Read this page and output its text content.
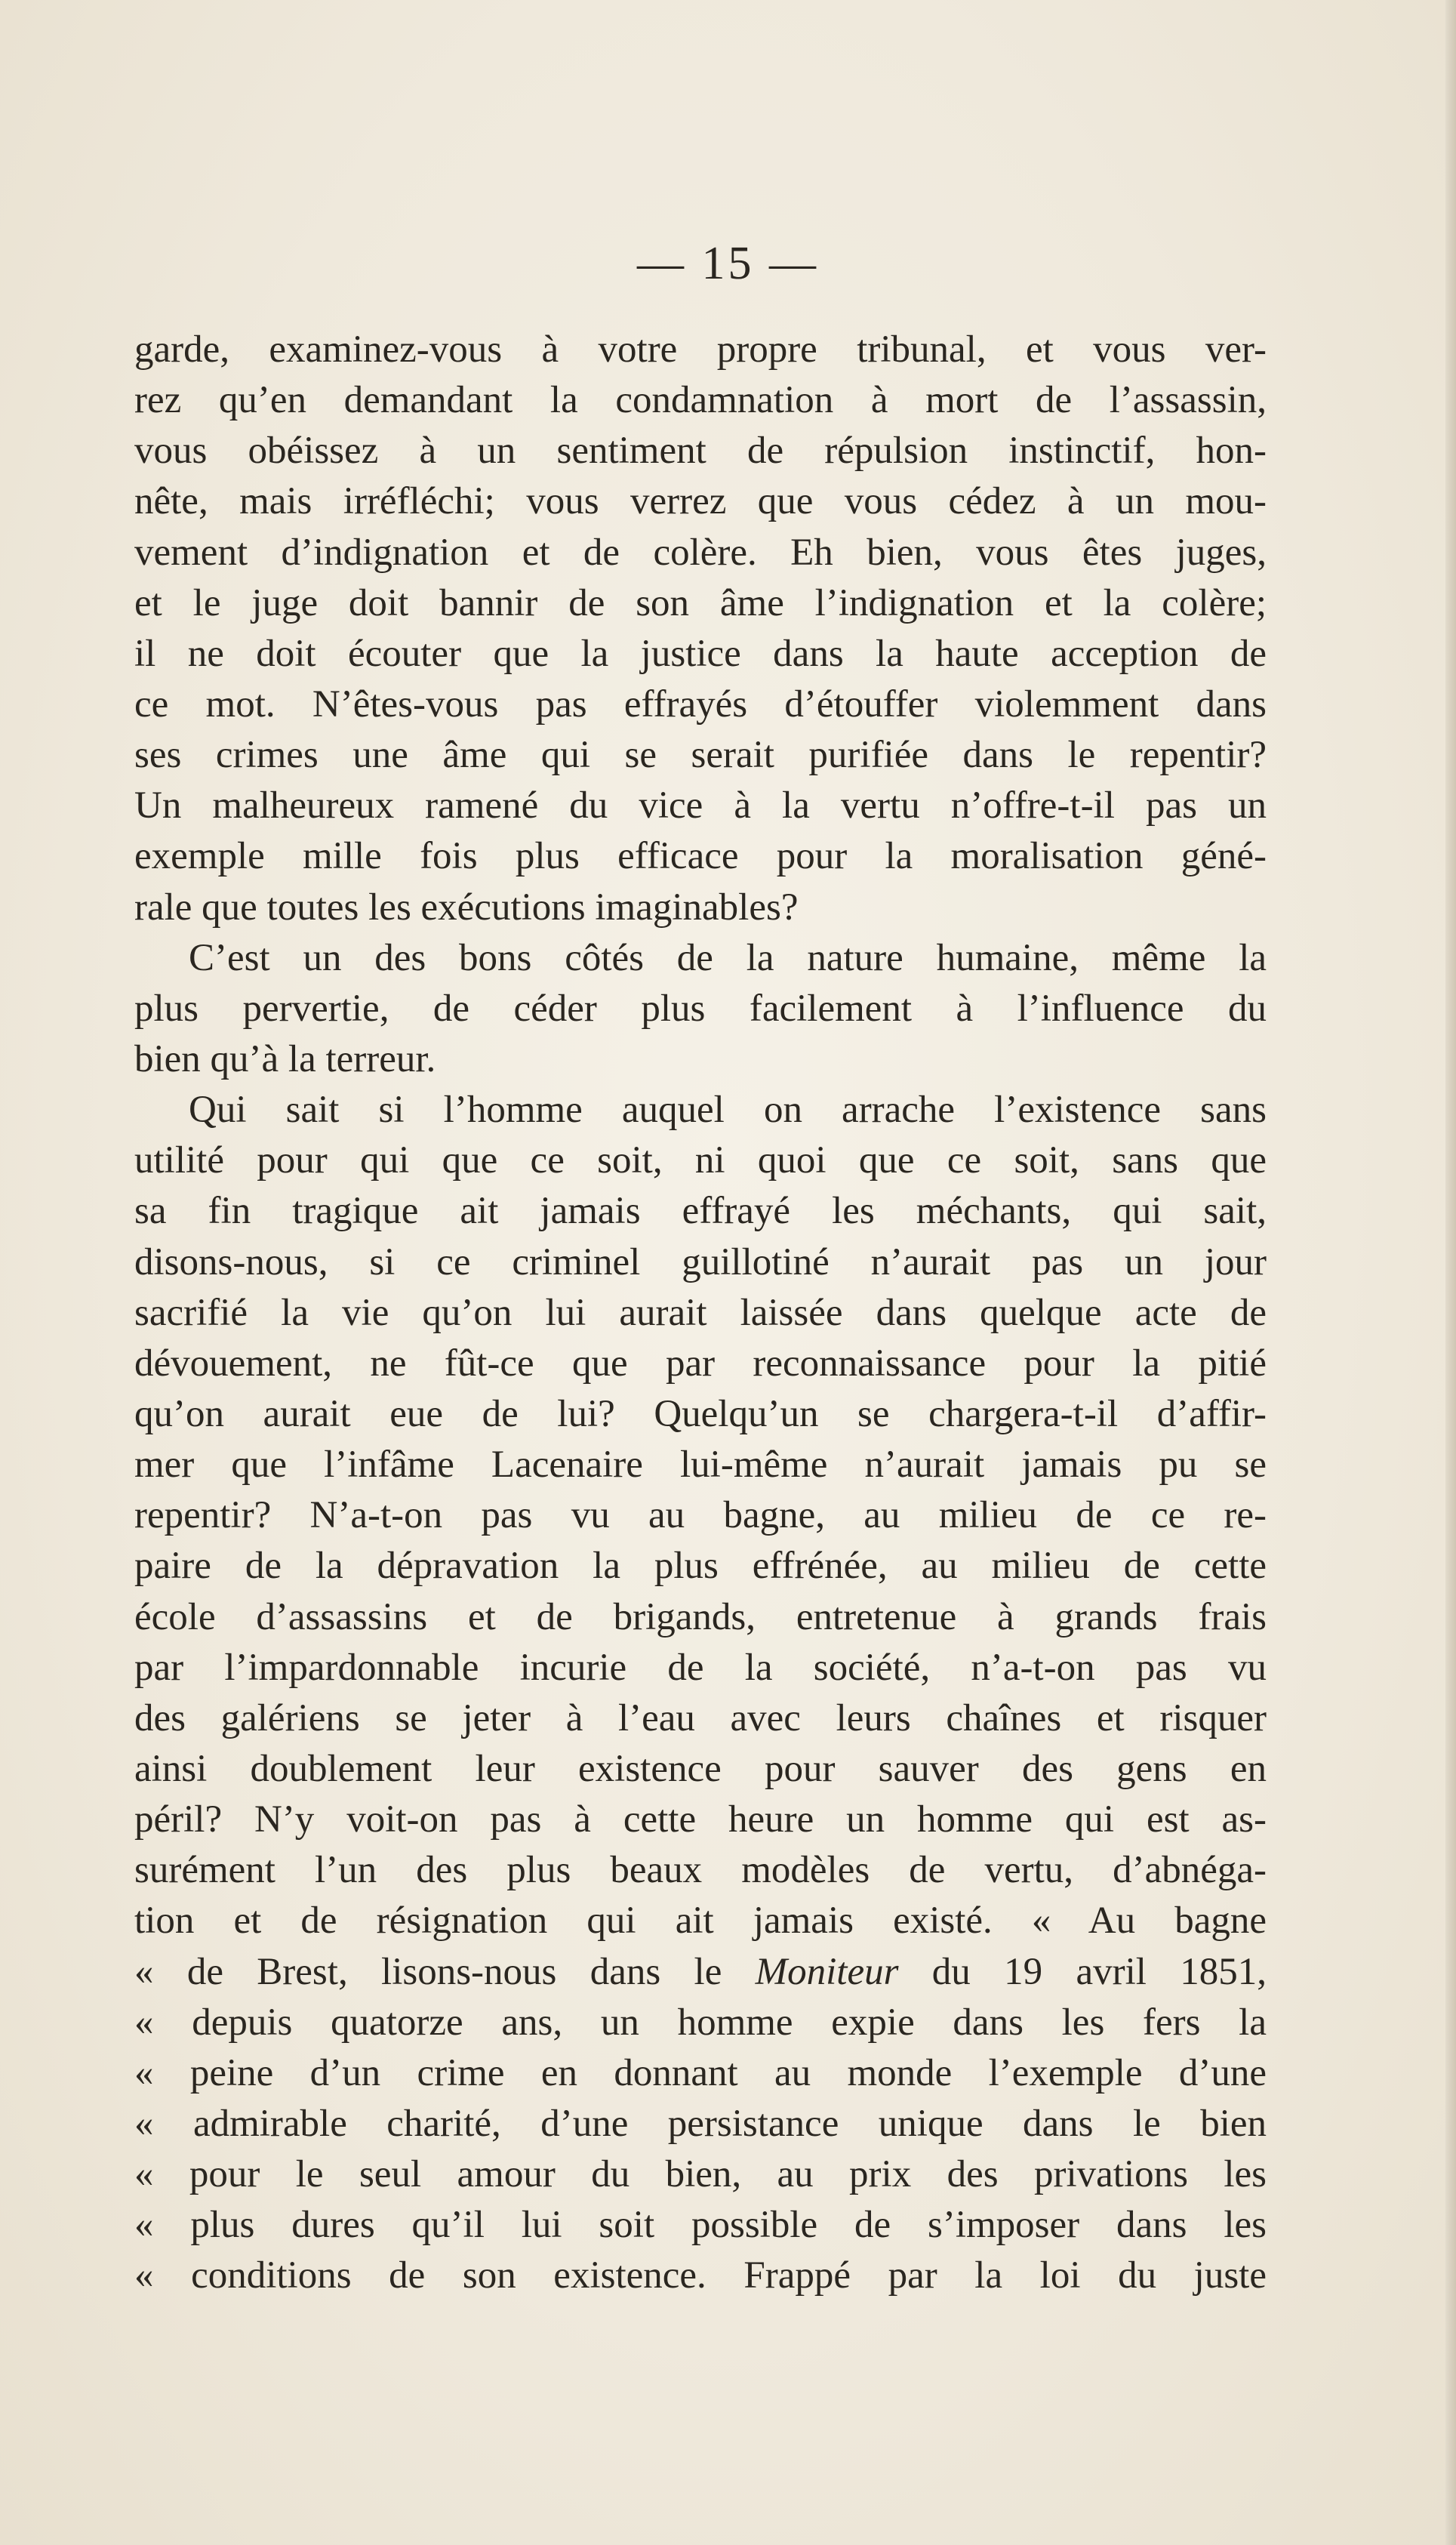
— 15 —
garde, examinez-vous à votre propre tribunal, et vous ver-
rez qu’en demandant la condamnation à mort de l’assassin,
vous obéissez à un sentiment de répulsion instinctif, hon-
nête, mais irréfléchi; vous verrez que vous cédez à un mou-
vement d’indignation et de colère. Eh bien, vous êtes juges,
et le juge doit bannir de son âme l’indignation et la colère;
il ne doit écouter que la justice dans la haute acception de
ce mot. N’êtes-vous pas effrayés d’étouffer violemment dans
ses crimes une âme qui se serait purifiée dans le repentir?
Un malheureux ramené du vice à la vertu n’offre-t-il pas un
exemple mille fois plus efficace pour la moralisation géné-
rale que toutes les exécutions imaginables?
C’est un des bons côtés de la nature humaine, même la
plus pervertie, de céder plus facilement à l’influence du
bien qu’à la terreur.
Qui sait si l’homme auquel on arrache l’existence sans
utilité pour qui que ce soit, ni quoi que ce soit, sans que
sa fin tragique ait jamais effrayé les méchants, qui sait,
disons-nous, si ce criminel guillotiné n’aurait pas un jour
sacrifié la vie qu’on lui aurait laissée dans quelque acte de
dévouement, ne fût-ce que par reconnaissance pour la pitié
qu’on aurait eue de lui? Quelqu’un se chargera-t-il d’affir-
mer que l’infâme Lacenaire lui-même n’aurait jamais pu se
repentir? N’a-t-on pas vu au bagne, au milieu de ce re-
paire de la dépravation la plus effrénée, au milieu de cette
école d’assassins et de brigands, entretenue à grands frais
par l’impardonnable incurie de la société, n’a-t-on pas vu
des galériens se jeter à l’eau avec leurs chaînes et risquer
ainsi doublement leur existence pour sauver des gens en
péril? N’y voit-on pas à cette heure un homme qui est as-
surément l’un des plus beaux modèles de vertu, d’abnéga-
tion et de résignation qui ait jamais existé. « Au bagne
« de Brest, lisons-nous dans le Moniteur du 19 avril 1851,
« depuis quatorze ans, un homme expie dans les fers la
« peine d’un crime en donnant au monde l’exemple d’une
« admirable charité, d’une persistance unique dans le bien
« pour le seul amour du bien, au prix des privations les
« plus dures qu’il lui soit possible de s’imposer dans les
« conditions de son existence. Frappé par la loi du juste
